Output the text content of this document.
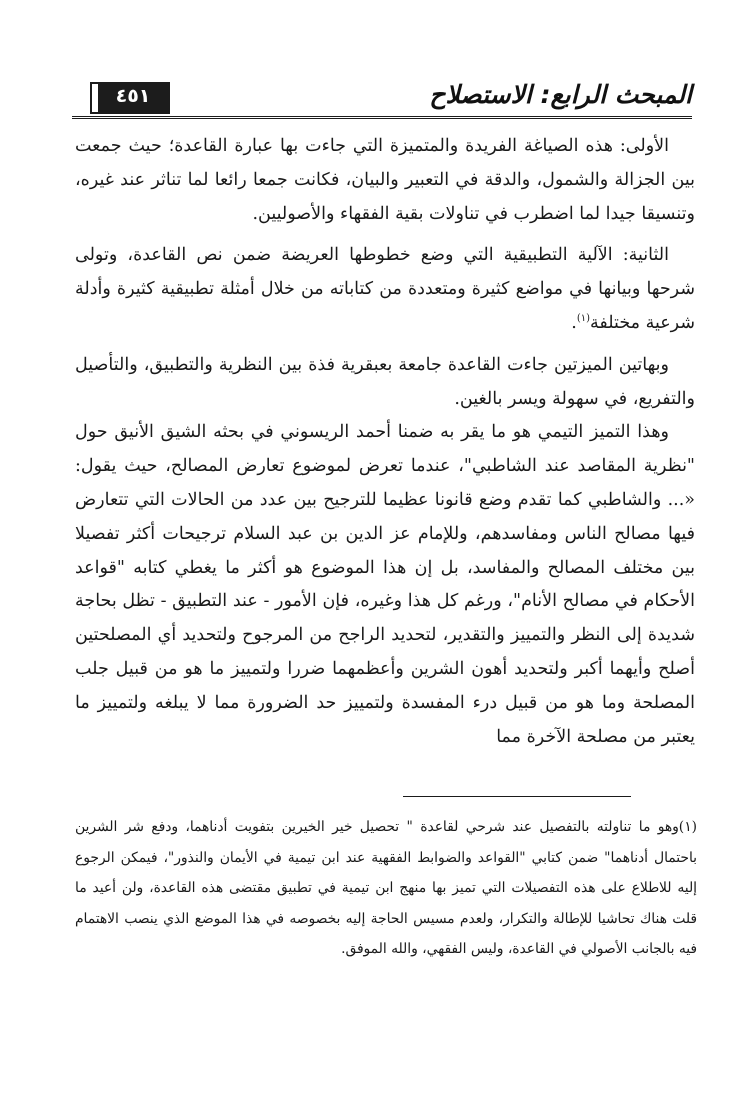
المبحث الرابع: الاستصلاح
٤٥١

الأولى: هذه الصياغة الفريدة والمتميزة التي جاءت بها عبارة القاعدة؛ حيث جمعت بين الجزالة والشمول، والدقة في التعبير والبيان، فكانت جمعا رائعا لما تناثر عند غيره، وتنسيقا جيدا لما اضطرب في تناولات بقية الفقهاء والأصوليين.

الثانية: الآلية التطبيقية التي وضع خطوطها العريضة ضمن نص القاعدة، وتولى شرحها وبيانها في مواضع كثيرة ومتعددة من كتاباته من خلال أمثلة تطبيقية كثيرة وأدلة شرعية مختلفة$^{(١)}$.

وبهاتين الميزتين جاءت القاعدة جامعة بعبقرية فذة بين النظرية والتطبيق، والتأصيل والتفريع، في سهولة ويسر بالغين.

وهذا التميز التيمي هو ما يقر به ضمنا أحمد الريسوني في بحثه الشيق الأنيق حول "نظرية المقاصد عند الشاطبي"، عندما تعرض لموضوع تعارض المصالح، حيث يقول: «... والشاطبي كما تقدم وضع قانونا عظيما للترجيح بين عدد من الحالات التي تتعارض فيها مصالح الناس ومفاسدهم، وللإمام عز الدين بن عبد السلام ترجيحات أكثر تفصيلا بين مختلف المصالح والمفاسد، بل إن هذا الموضوع هو أكثر ما يغطي كتابه "قواعد الأحكام في مصالح الأنام"، ورغم كل هذا وغيره، فإن الأمور - عند التطبيق - تظل بحاجة شديدة إلى النظر والتمييز والتقدير، لتحديد الراجح من المرجوح ولتحديد أي المصلحتين أصلح وأيهما أكبر ولتحديد أهون الشرين وأعظمهما ضررا ولتمييز ما هو من قبيل جلب المصلحة وما هو من قبيل درء المفسدة ولتمييز حد الضرورة مما لا يبلغه ولتمييز ما يعتبر من مصلحة الآخرة مما

(١)وهو ما تناولته بالتفصيل عند شرحي لقاعدة " تحصيل خير الخيرين بتفويت أدناهما، ودفع شر الشرين باحتمال أدناهما" ضمن كتابي "القواعد والضوابط الفقهية عند ابن تيمية في الأيمان والنذور"، فيمكن الرجوع إليه للاطلاع على هذه التفصيلات التي تميز بها منهج ابن تيمية في تطبيق مقتضى هذه القاعدة، ولن أعيد ما قلت هناك تحاشيا للإطالة والتكرار، ولعدم مسيس الحاجة إليه بخصوصه في هذا الموضع الذي ينصب الاهتمام فيه بالجانب الأصولي في القاعدة، وليس الفقهي، والله الموفق.
